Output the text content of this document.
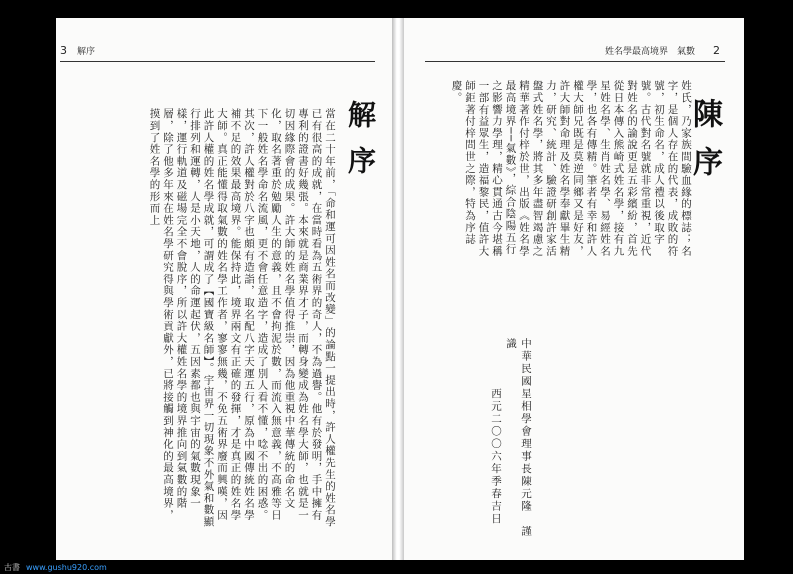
3 解序	姓名學最高境界　氣數 2
解序
當在二十年前，「命和運可因姓名而改變」的論點一提出時，許人權先生的姓名學已有很高的成就，在當時看為五術界的奇人，不為過譽。他有於發明，手中擁有專利的證書好幾張。本來就是商業界才子，而轉身變成為姓名學大師，也就是一切因緣際會的成果。許大師的姓名學值得推崇，因為他重視中華傳統的命名文化，取名著重於勉勵人生的意義，且不會拘泥於數，而流入無意義，不高雅等日下一般姓名學命名流風，更不會任意造字，造成了別人看不懂，唸不出的困惑。其次，許人權對於八字也頗有造詣，取名配八字天運五行，原為中國傳統姓名學補不足的效果最高境界。能保持此，境界兩文有正確的發揮，才是真正的姓名學大師。真正能懂得取氣數的姓名學工作者，寥寥無幾，不免五術界廢而興嘆，因此許人權的姓名學成就，可謂成了【國寶級名師】。宇宙界一切現象不外氣和數顯行排列和運轉，人是小天地，人的命運起伏，五因素都也與宇宙的氣數現象一樣，運行軌道及磁場完全不會脫序，所以許大權姓名學的境界推向到氣數的階層，除了他多年來在姓名學研究得與學術貢獻外，已將接觸到神化的最高境界，摸到了姓名學的形而上	陳序
姓氏，乃家族間驗血緣的標誌；名字，是個人存在的代表，成敗的符號，初生命名，成人禮以後取字號。古代對名號就非常重視，近代對姓名的論說更是五彩繽紛，首先從日本傳入熊崎式姓名學，接有九星姓名學、生肖姓名學、易經姓名學，也各有傳精。筆者有幸和許人權大師兄既是莫逆同鄉又是好友，許大師對命理及姓名學奉獻畢生精力，研究、統計、驗證研創許家活盤式姓名學，將其多年盡智竭慮之精華著作付梓於世，出版《姓名學最高境界──氣數》，綜合陰陽五行之影響力學理，精心貫通古今堪稱一部有益眾生，造福黎民，值許大師鉅著付梓問世之際，特為序誌慶。
中華民國星相學會理事長陳元隆　謹識
西元二〇〇六年季春吉日
古書 www.gushu920.com
